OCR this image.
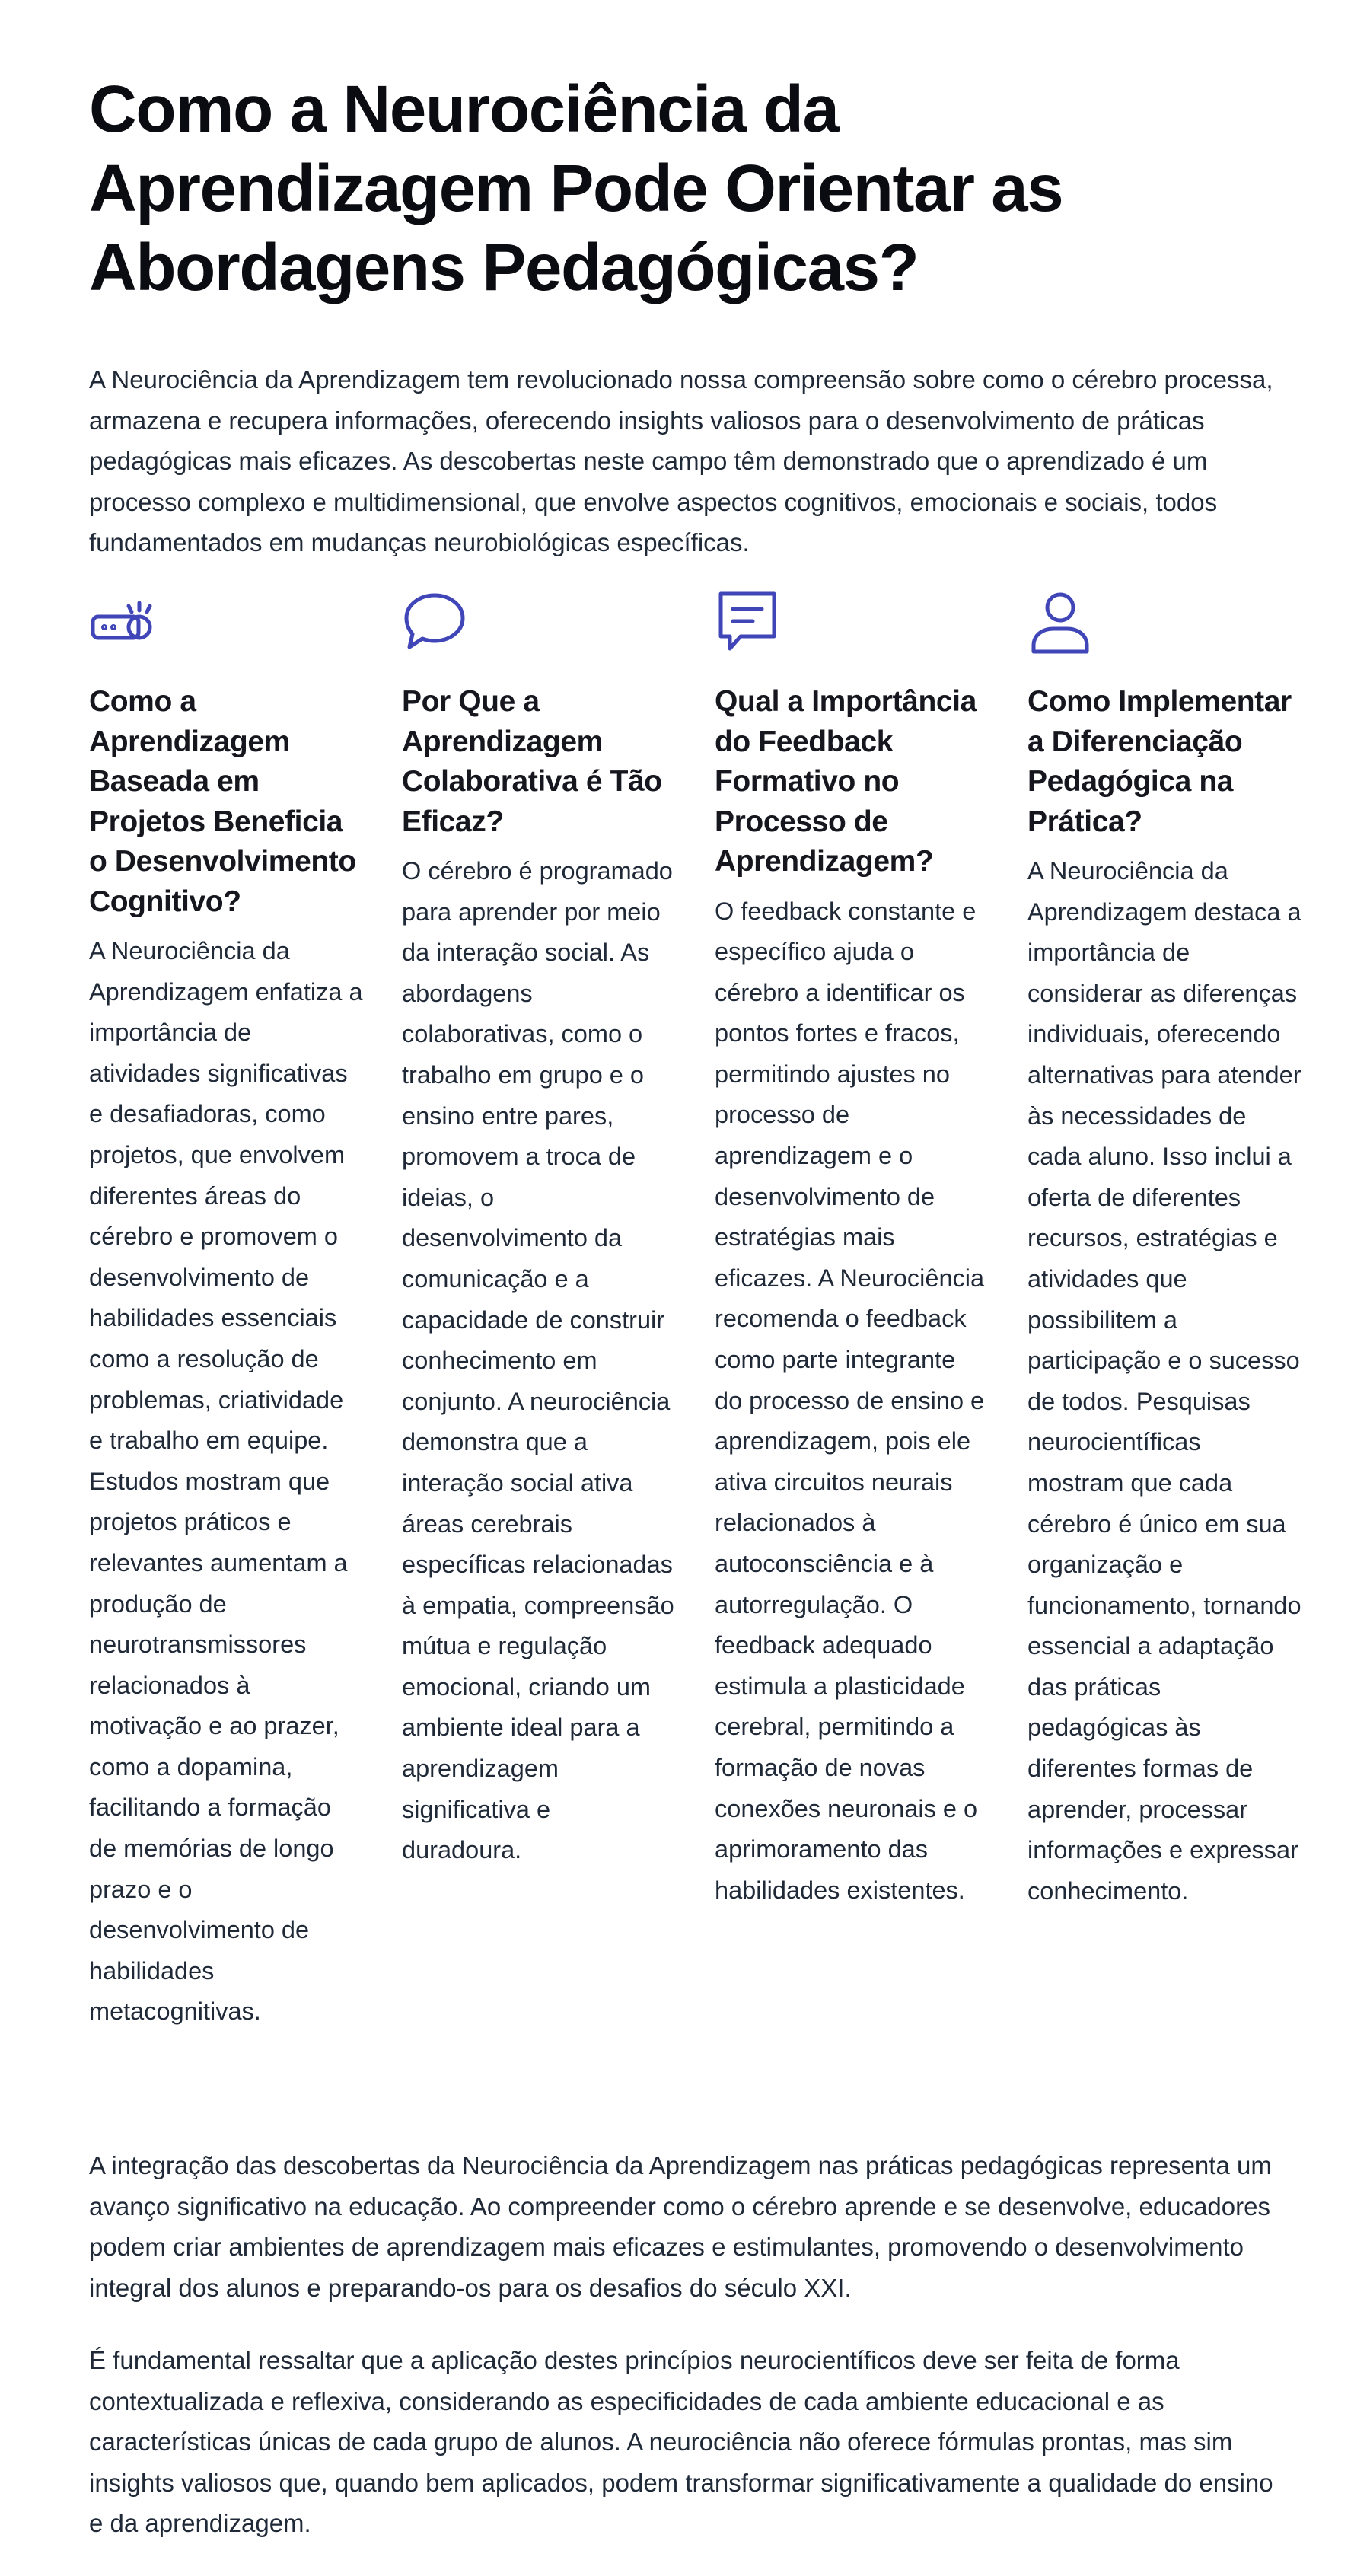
Como a Neurociência da Aprendizagem Pode Orientar as Abordagens Pedagógicas?

A Neurociência da Aprendizagem tem revolucionado nossa compreensão sobre como o cérebro processa, armazena e recupera informações, oferecendo insights valiosos para o desenvolvimento de práticas pedagógicas mais eficazes. As descobertas neste campo têm demonstrado que o aprendizado é um processo complexo e multidimensional, que envolve aspectos cognitivos, emocionais e sociais, todos fundamentados em mudanças neurobiológicas específicas.

Como a Aprendizagem Baseada em Projetos Beneficia o Desenvolvimento Cognitivo?

A Neurociência da Aprendizagem enfatiza a importância de atividades significativas e desafiadoras, como projetos, que envolvem diferentes áreas do cérebro e promovem o desenvolvimento de habilidades essenciais como a resolução de problemas, criatividade e trabalho em equipe. Estudos mostram que projetos práticos e relevantes aumentam a produção de neurotransmissores relacionados à motivação e ao prazer, como a dopamina, facilitando a formação de memórias de longo prazo e o desenvolvimento de habilidades metacognitivas.

Por Que a Aprendizagem Colaborativa é Tão Eficaz?

O cérebro é programado para aprender por meio da interação social. As abordagens colaborativas, como o trabalho em grupo e o ensino entre pares, promovem a troca de ideias, o desenvolvimento da comunicação e a capacidade de construir conhecimento em conjunto. A neurociência demonstra que a interação social ativa áreas cerebrais específicas relacionadas à empatia, compreensão mútua e regulação emocional, criando um ambiente ideal para a aprendizagem significativa e duradoura.

Qual a Importância do Feedback Formativo no Processo de Aprendizagem?

O feedback constante e específico ajuda o cérebro a identificar os pontos fortes e fracos, permitindo ajustes no processo de aprendizagem e o desenvolvimento de estratégias mais eficazes. A Neurociência recomenda o feedback como parte integrante do processo de ensino e aprendizagem, pois ele ativa circuitos neurais relacionados à autoconsciência e à autorregulação. O feedback adequado estimula a plasticidade cerebral, permitindo a formação de novas conexões neuronais e o aprimoramento das habilidades existentes.

Como Implementar a Diferenciação Pedagógica na Prática?

A Neurociência da Aprendizagem destaca a importância de considerar as diferenças individuais, oferecendo alternativas para atender às necessidades de cada aluno. Isso inclui a oferta de diferentes recursos, estratégias e atividades que possibilitem a participação e o sucesso de todos. Pesquisas neurocientíficas mostram que cada cérebro é único em sua organização e funcionamento, tornando essencial a adaptação das práticas pedagógicas às diferentes formas de aprender, processar informações e expressar conhecimento.

A integração das descobertas da Neurociência da Aprendizagem nas práticas pedagógicas representa um avanço significativo na educação. Ao compreender como o cérebro aprende e se desenvolve, educadores podem criar ambientes de aprendizagem mais eficazes e estimulantes, promovendo o desenvolvimento integral dos alunos e preparando-os para os desafios do século XXI.

É fundamental ressaltar que a aplicação destes princípios neurocientíficos deve ser feita de forma contextualizada e reflexiva, considerando as especificidades de cada ambiente educacional e as características únicas de cada grupo de alunos. A neurociência não oferece fórmulas prontas, mas sim insights valiosos que, quando bem aplicados, podem transformar significativamente a qualidade do ensino e da aprendizagem.
